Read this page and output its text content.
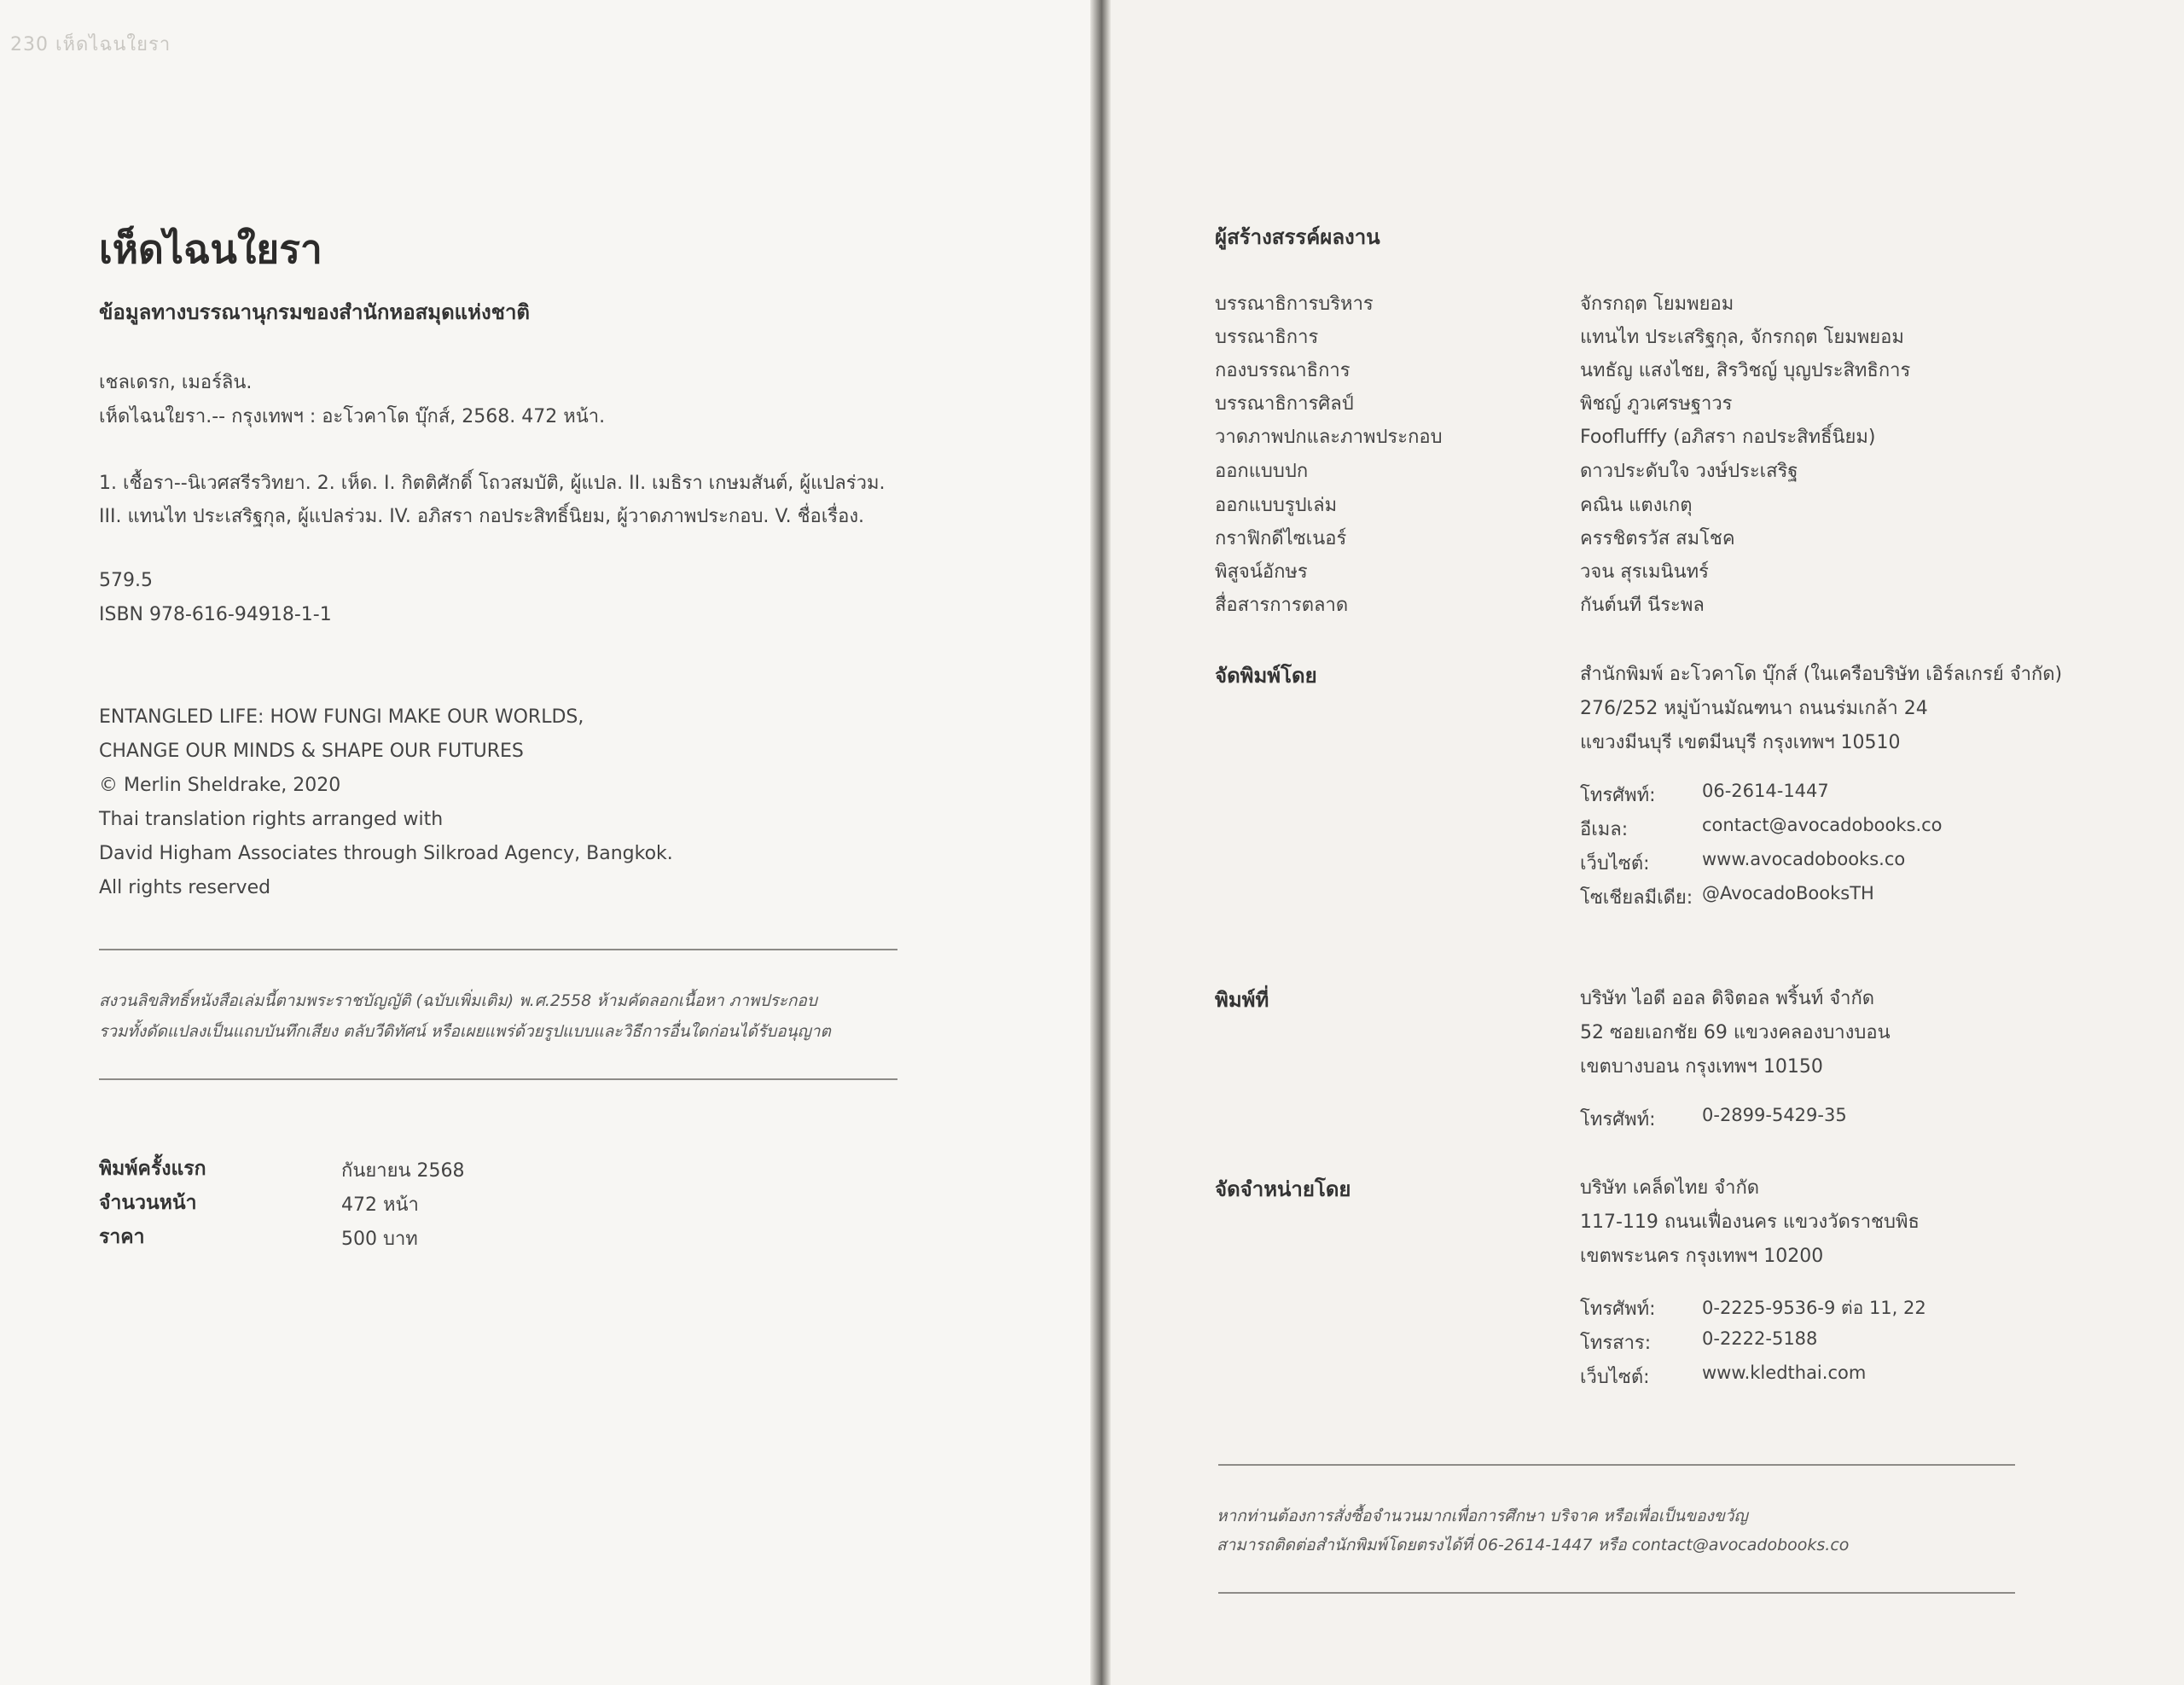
230 เห็ดไฉนใยรา
เห็ดไฉนใยรา
ข้อมูลทางบรรณานุกรมของสำนักหอสมุดแห่งชาติ
เชลเดรก, เมอร์ลิน.
เห็ดไฉนใยรา.-- กรุงเทพฯ : อะโวคาโด บุ๊กส์, 2568. 472 หน้า.
1. เชื้อรา--นิเวศสรีรวิทยา. 2. เห็ด. I. กิตติศักดิ์ โถวสมบัติ, ผู้แปล. II. เมธิรา เกษมสันต์, ผู้แปลร่วม.
III. แทนไท ประเสริฐกุล, ผู้แปลร่วม. IV. อภิสรา กอประสิทธิ์นิยม, ผู้วาดภาพประกอบ. V. ชื่อเรื่อง.
579.5
ISBN 978-616-94918-1-1
ENTANGLED LIFE: HOW FUNGI MAKE OUR WORLDS,
CHANGE OUR MINDS & SHAPE OUR FUTURES
© Merlin Sheldrake, 2020
Thai translation rights arranged with
David Higham Associates through Silkroad Agency, Bangkok.
All rights reserved
สงวนลิขสิทธิ์หนังสือเล่มนี้ตามพระราชบัญญัติ (ฉบับเพิ่มเติม) พ.ศ.2558 ห้ามคัดลอกเนื้อหา ภาพประกอบ
รวมทั้งดัดแปลงเป็นแถบบันทึกเสียง ตลับวีดิทัศน์ หรือเผยแพร่ด้วยรูปแบบและวิธีการอื่นใดก่อนได้รับอนุญาต
พิมพ์ครั้งแรก	กันยายน 2568
จำนวนหน้า	472 หน้า
ราคา	500 บาท
ผู้สร้างสรรค์ผลงาน
บรรณาธิการบริหาร	จักรกฤต โยมพยอม
บรรณาธิการ	แทนไท ประเสริฐกุล, จักรกฤต โยมพยอม
กองบรรณาธิการ	นทธัญ แสงไชย, สิรวิชญ์ บุญประสิทธิการ
บรรณาธิการศิลป์	พิชญ์ ภูวเศรษฐาวร
วาดภาพปกและภาพประกอบ	Fooflufffy (อภิสรา กอประสิทธิ์นิยม)
ออกแบบปก	ดาวประดับใจ วงษ์ประเสริฐ
ออกแบบรูปเล่ม	คณิน แตงเกตุ
กราฟิกดีไซเนอร์	ครรชิตรวัส สมโชค
พิสูจน์อักษร	วจน สุรเมนินทร์
สื่อสารการตลาด	กันต์นที นีระพล
จัดพิมพ์โดย	สำนักพิมพ์ อะโวคาโด บุ๊กส์ (ในเครือบริษัท เอิร์ลเกรย์ จำกัด)
276/252 หมู่บ้านมัณฑนา ถนนร่มเกล้า 24
แขวงมีนบุรี เขตมีนบุรี กรุงเทพฯ 10510
โทรศัพท์:	06-2614-1447
อีเมล:	contact@avocadobooks.co
เว็บไซต์:	www.avocadobooks.co
โซเชียลมีเดีย: @AvocadoBooksTH
พิมพ์ที่	บริษัท ไอดี ออล ดิจิตอล พริ้นท์ จำกัด
52 ซอยเอกชัย 69 แขวงคลองบางบอน
เขตบางบอน กรุงเทพฯ 10150
โทรศัพท์:	0-2899-5429-35
จัดจำหน่ายโดย	บริษัท เคล็ดไทย จำกัด
117-119 ถนนเฟื่องนคร แขวงวัดราชบพิธ
เขตพระนคร กรุงเทพฯ 10200
โทรศัพท์:	0-2225-9536-9 ต่อ 11, 22
โทรสาร:	0-2222-5188
เว็บไซต์:	www.kledthai.com
หากท่านต้องการสั่งซื้อจำนวนมากเพื่อการศึกษา บริจาค หรือเพื่อเป็นของขวัญ
สามารถติดต่อสำนักพิมพ์โดยตรงได้ที่ 06-2614-1447 หรือ contact@avocadobooks.co
